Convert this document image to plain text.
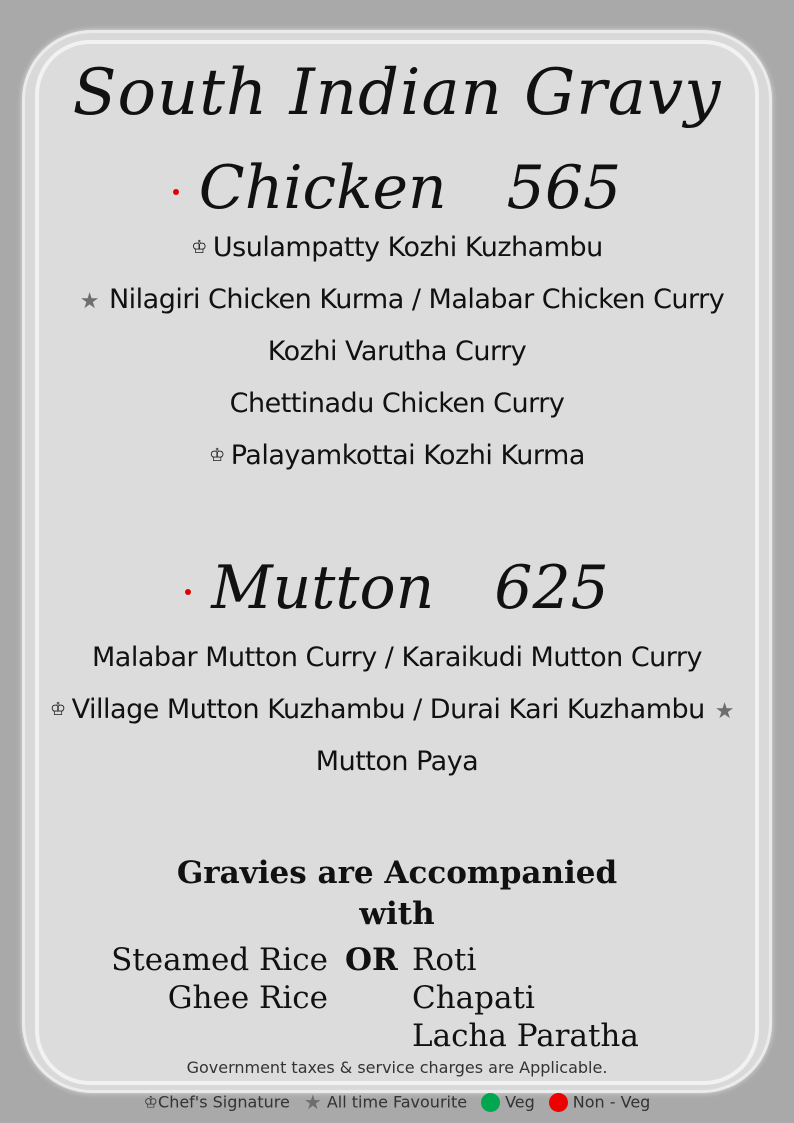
South Indian Gravy
Chicken 565
♔ Usulampatty Kozhi Kuzhambu
★ Nilagiri Chicken Kurma / Malabar Chicken Curry
Kozhi Varutha Curry
Chettinadu Chicken Curry
♔ Palayamkottai Kozhi Kurma
Mutton 625
Malabar Mutton Curry / Karaikudi Mutton Curry
♔ Village Mutton Kuzhambu / Durai Kari Kuzhambu ★
Mutton Paya
Gravies are Accompanied
with
Steamed Rice
Ghee Rice
OR Roti
Chapati
Lacha Paratha
Government taxes & service charges are Applicable.
♔Chef's Signature ★ All time Favourite Veg Non - Veg
